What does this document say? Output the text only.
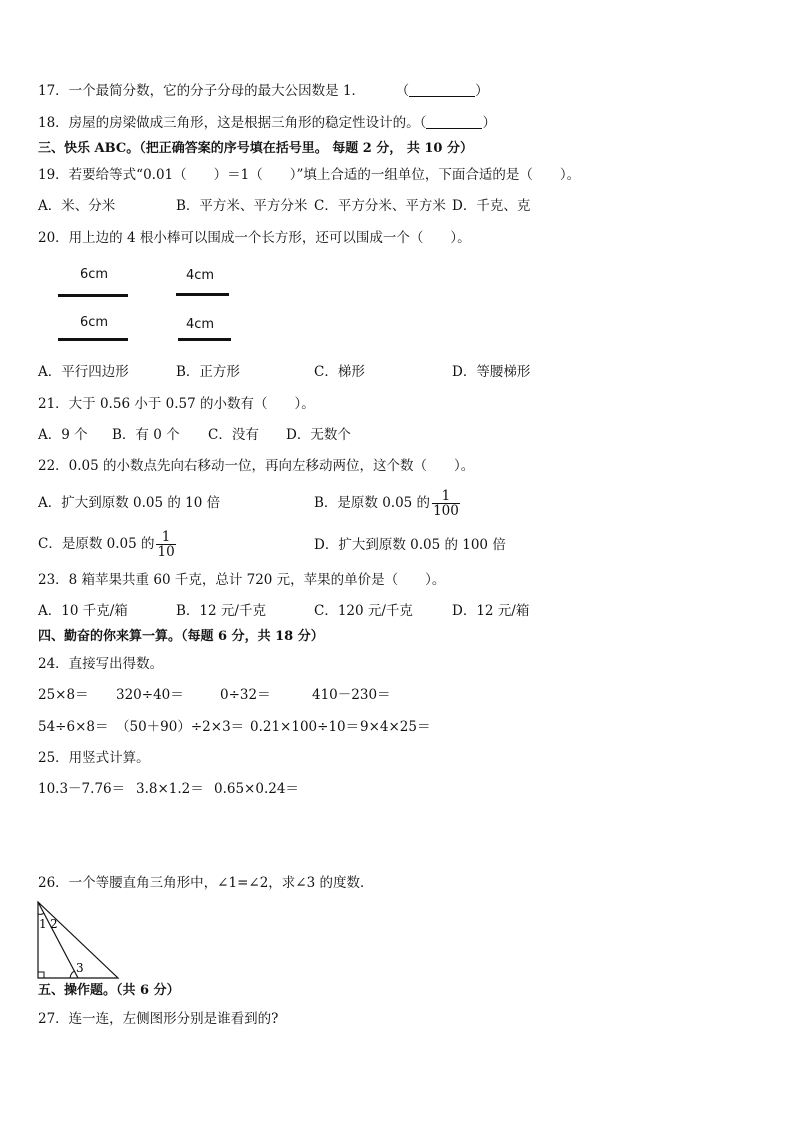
17．一个最简分数，它的分子分母的最大公因数是 1． （	）
18．房屋的房梁做成三角形，这是根据三角形的稳定性设计的。（	）
三、快乐 ABC。（把正确答案的序号填在括号里。 每题 2 分， 共 10 分）
19．若要给等式“0.01（　　）＝1（　　）”填上合适的一组单位，下面合适的是（　　）。
A．米、分米	B．平方米、平方分米 C．平方分米、平方米 D．千克、克
20．用上边的 4 根小棒可以围成一个长方形，还可以围成一个（　　）。
6cm	4cm
6cm	4cm
A．平行四边形	B．正方形	C．梯形	D．等腰梯形
21．大于 0.56 小于 0.57 的小数有（　　）。
A．9 个 B．有 0 个 C．没有 D．无数个
22．0.05 的小数点先向右移动一位，再向左移动两位，这个数（　　）。
A．扩大到原数 0.05 的 10 倍	B．是原数 0.05 的 $\frac{1}{100}$
C．是原数 0.05 的 $\frac{1}{10}$	D．扩大到原数 0.05 的 100 倍
23．8 箱苹果共重 60 千克，总计 720 元，苹果的单价是（　　）。
A．10 千克/箱	B．12 元/千克	C．120 元/千克	D．12 元/箱
四、勤奋的你来算一算。（每题 6 分，共 18 分）
24．直接写出得数。
25×8＝ 320÷40＝	0÷32＝	410－230＝
54÷6×8＝ （50＋90）÷2×3＝ 0.21×100÷10＝ 9×4×25＝
25．用竖式计算。
10.3－7.76＝ 3.8×1.2＝ 0.65×0.24＝
26．一个等腰直角三角形中，∠1=∠2，求∠3 的度数．
1 2
3
五、操作题。（共 6 分）
27．连一连，左侧图形分别是谁看到的?
